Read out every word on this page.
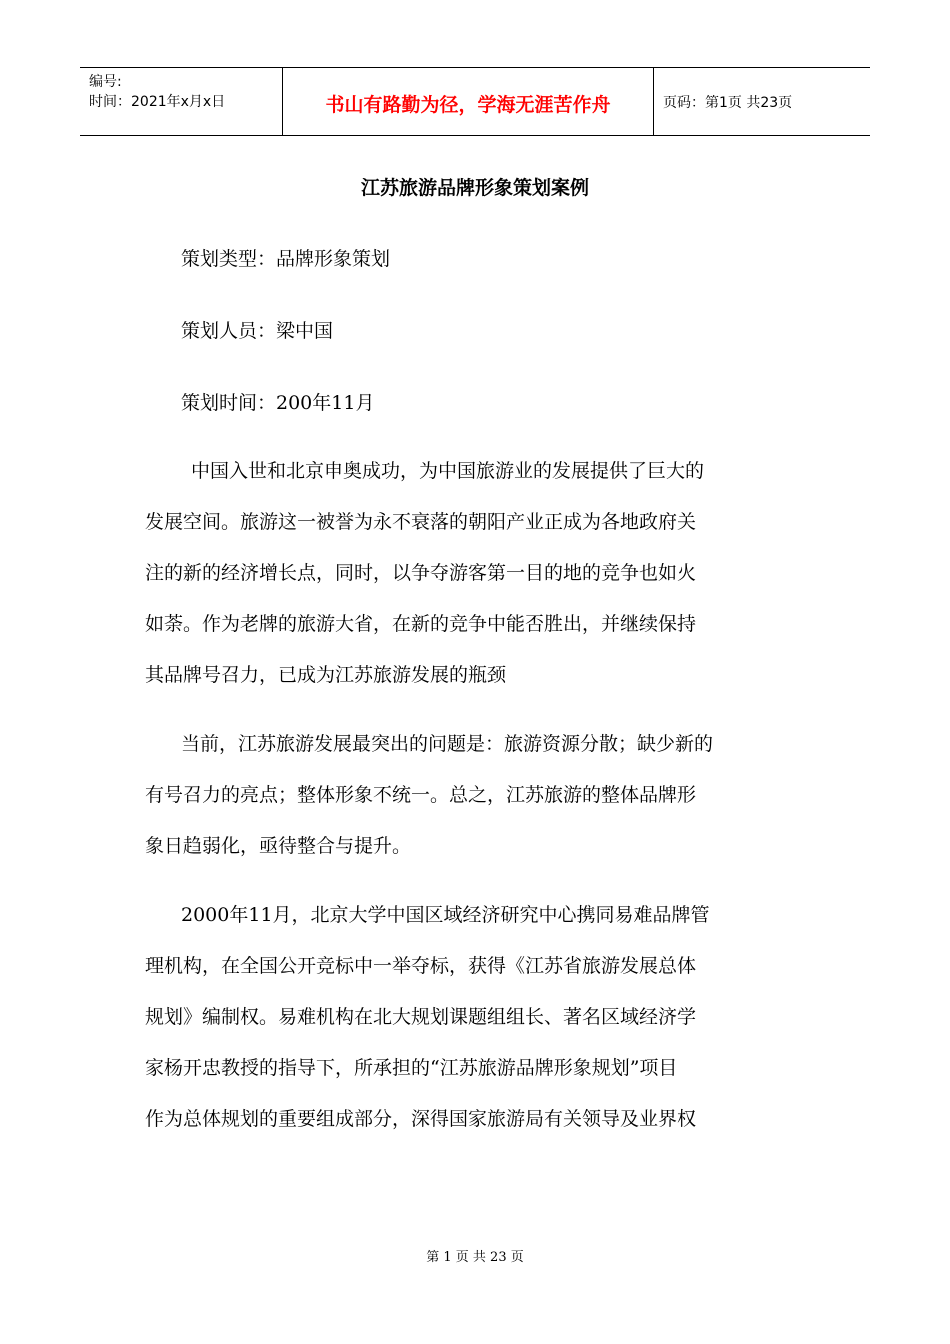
编号:
时间：2021年x月x日	书山有路勤为径，学海无涯苦作舟	页码：第1页 共23页
江苏旅游品牌形象策划案例
策划类型：品牌形象策划
策划人员：梁中国
策划时间：200年11月
中国入世和北京申奥成功，为中国旅游业的发展提供了巨大的
发展空间。旅游这一被誉为永不衰落的朝阳产业正成为各地政府关
注的新的经济增长点，同时，以争夺游客第一目的地的竞争也如火
如荼。作为老牌的旅游大省，在新的竞争中能否胜出，并继续保持
其品牌号召力，已成为江苏旅游发展的瓶颈
当前，江苏旅游发展最突出的问题是：旅游资源分散；缺少新的
有号召力的亮点；整体形象不统一。总之，江苏旅游的整体品牌形
象日趋弱化，亟待整合与提升。
2000年11月，北京大学中国区域经济研究中心携同易难品牌管
理机构，在全国公开竞标中一举夺标，获得《江苏省旅游发展总体
规划》编制权。易难机构在北大规划课题组组长、著名区域经济学
家杨开忠教授的指导下，所承担的“江苏旅游品牌形象规划”项目
作为总体规划的重要组成部分，深得国家旅游局有关领导及业界权
第 1 页 共 23 页
